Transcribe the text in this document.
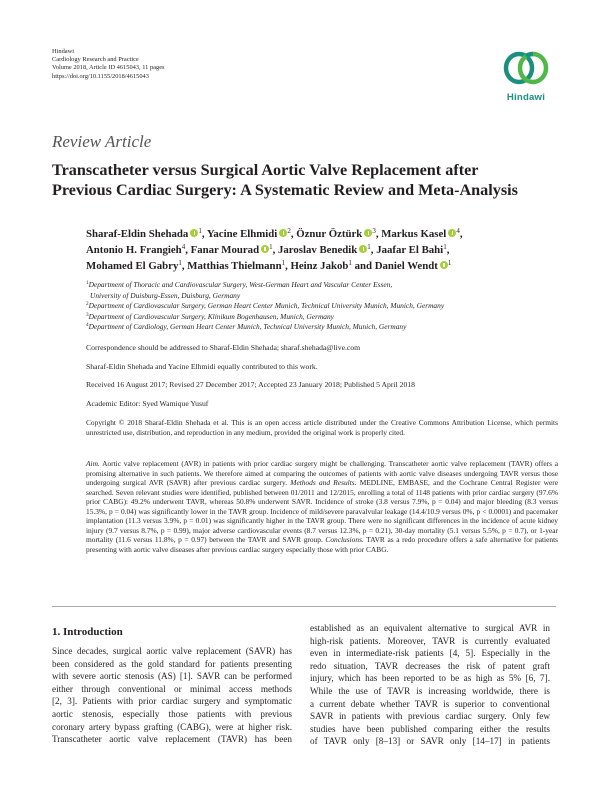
Hindawi
Cardiology Research and Practice
Volume 2018, Article ID 4615043, 11 pages
https://doi.org/10.1155/2018/4615043
Hindawi
Review Article
Transcatheter versus Surgical Aortic Valve Replacement after
Previous Cardiac Surgery: A Systematic Review and Meta-Analysis
Sharaf-Eldin Shehada $^1$, Yacine Elhmidi $^2$, Öznur Öztürk $^3$, Markus Kasel $^4$,
Antonio H. Frangieh$^4$, Fanar Mourad $^1$, Jaroslav Benedik $^1$, Jaafar El Bahi$^1$,
Mohamed El Gabry$^1$, Matthias Thielmann$^1$, Heinz Jakob$^1$ and Daniel Wendt $^1$
$^1$Department of Thoracic and Cardiovascular Surgery, West-German Heart and Vascular Center Essen,
University of Duisburg-Essen, Duisburg, Germany
$^2$Department of Cardiovascular Surgery, German Heart Center Munich, Technical University Munich, Munich, Germany
$^3$Department of Cardiovascular Surgery, Klinikum Bogenhausen, Munich, Germany
$^4$Department of Cardiology, German Heart Center Munich, Technical University Munich, Munich, Germany
Correspondence should be addressed to Sharaf-Eldin Shehada; sharaf.shehada@live.com
Sharaf-Eldin Shehada and Yacine Elhmidi equally contributed to this work.
Received 16 August 2017; Revised 27 December 2017; Accepted 23 January 2018; Published 5 April 2018
Academic Editor: Syed Wamique Yusuf
Copyright © 2018 Sharaf-Eldin Shehada et al. This is an open access article distributed under the Creative Commons Attribution License, which permits unrestricted use, distribution, and reproduction in any medium, provided the original work is properly cited.
Aim. Aortic valve replacement (AVR) in patients with prior cardiac surgery might be challenging. Transcatheter aortic valve replacement (TAVR) offers a promising alternative in such patients. We therefore aimed at comparing the outcomes of patients with aortic valve diseases undergoing TAVR versus those undergoing surgical AVR (SAVR) after previous cardiac surgery. Methods and Results. MEDLINE, EMBASE, and the Cochrane Central Register were searched. Seven relevant studies were identified, published between 01/2011 and 12/2015, enrolling a total of 1148 patients with prior cardiac surgery (97.6% prior CABG): 49.2% underwent TAVR, whereas 50.8% underwent SAVR. Incidence of stroke (3.8 versus 7.9%, p = 0.04) and major bleeding (8.3 versus 15.3%, p = 0.04) was significantly lower in the TAVR group. Incidence of mild/severe paravalvular leakage (14.4/10.9 versus 0%, p < 0.0001) and pacemaker implantation (11.3 versus 3.9%, p = 0.01) was significantly higher in the TAVR group. There were no significant differences in the incidence of acute kidney injury (9.7 versus 8.7%, p = 0.99), major adverse cardiovascular events (8.7 versus 12.3%, p = 0.21), 30-day mortality (5.1 versus 5.5%, p = 0.7), or 1-year mortality (11.6 versus 11.8%, p = 0.97) between the TAVR and SAVR group. Conclusions. TAVR as a redo procedure offers a safe alternative for patients presenting with aortic valve diseases after previous cardiac surgery especially those with prior CABG.
1. Introduction
Since decades, surgical aortic valve replacement (SAVR) has
been considered as the gold standard for patients presenting
with severe aortic stenosis (AS) [1]. SAVR can be performed
either through conventional or minimal access methods
[2, 3]. Patients with prior cardiac surgery and symptomatic
aortic stenosis, especially those patients with previous
coronary artery bypass grafting (CABG), were at higher risk.
Transcatheter aortic valve replacement (TAVR) has been
established as an equivalent alternative to surgical AVR in
high-risk patients. Moreover, TAVR is currently evaluated
even in intermediate-risk patients [4, 5]. Especially in the
redo situation, TAVR decreases the risk of patent graft
injury, which has been reported to be as high as 5% [6, 7].
While the use of TAVR is increasing worldwide, there is
a current debate whether TAVR is superior to conventional
SAVR in patients with previous cardiac surgery. Only few
studies have been published comparing either the results
of TAVR only [8–13] or SAVR only [14–17] in patients
